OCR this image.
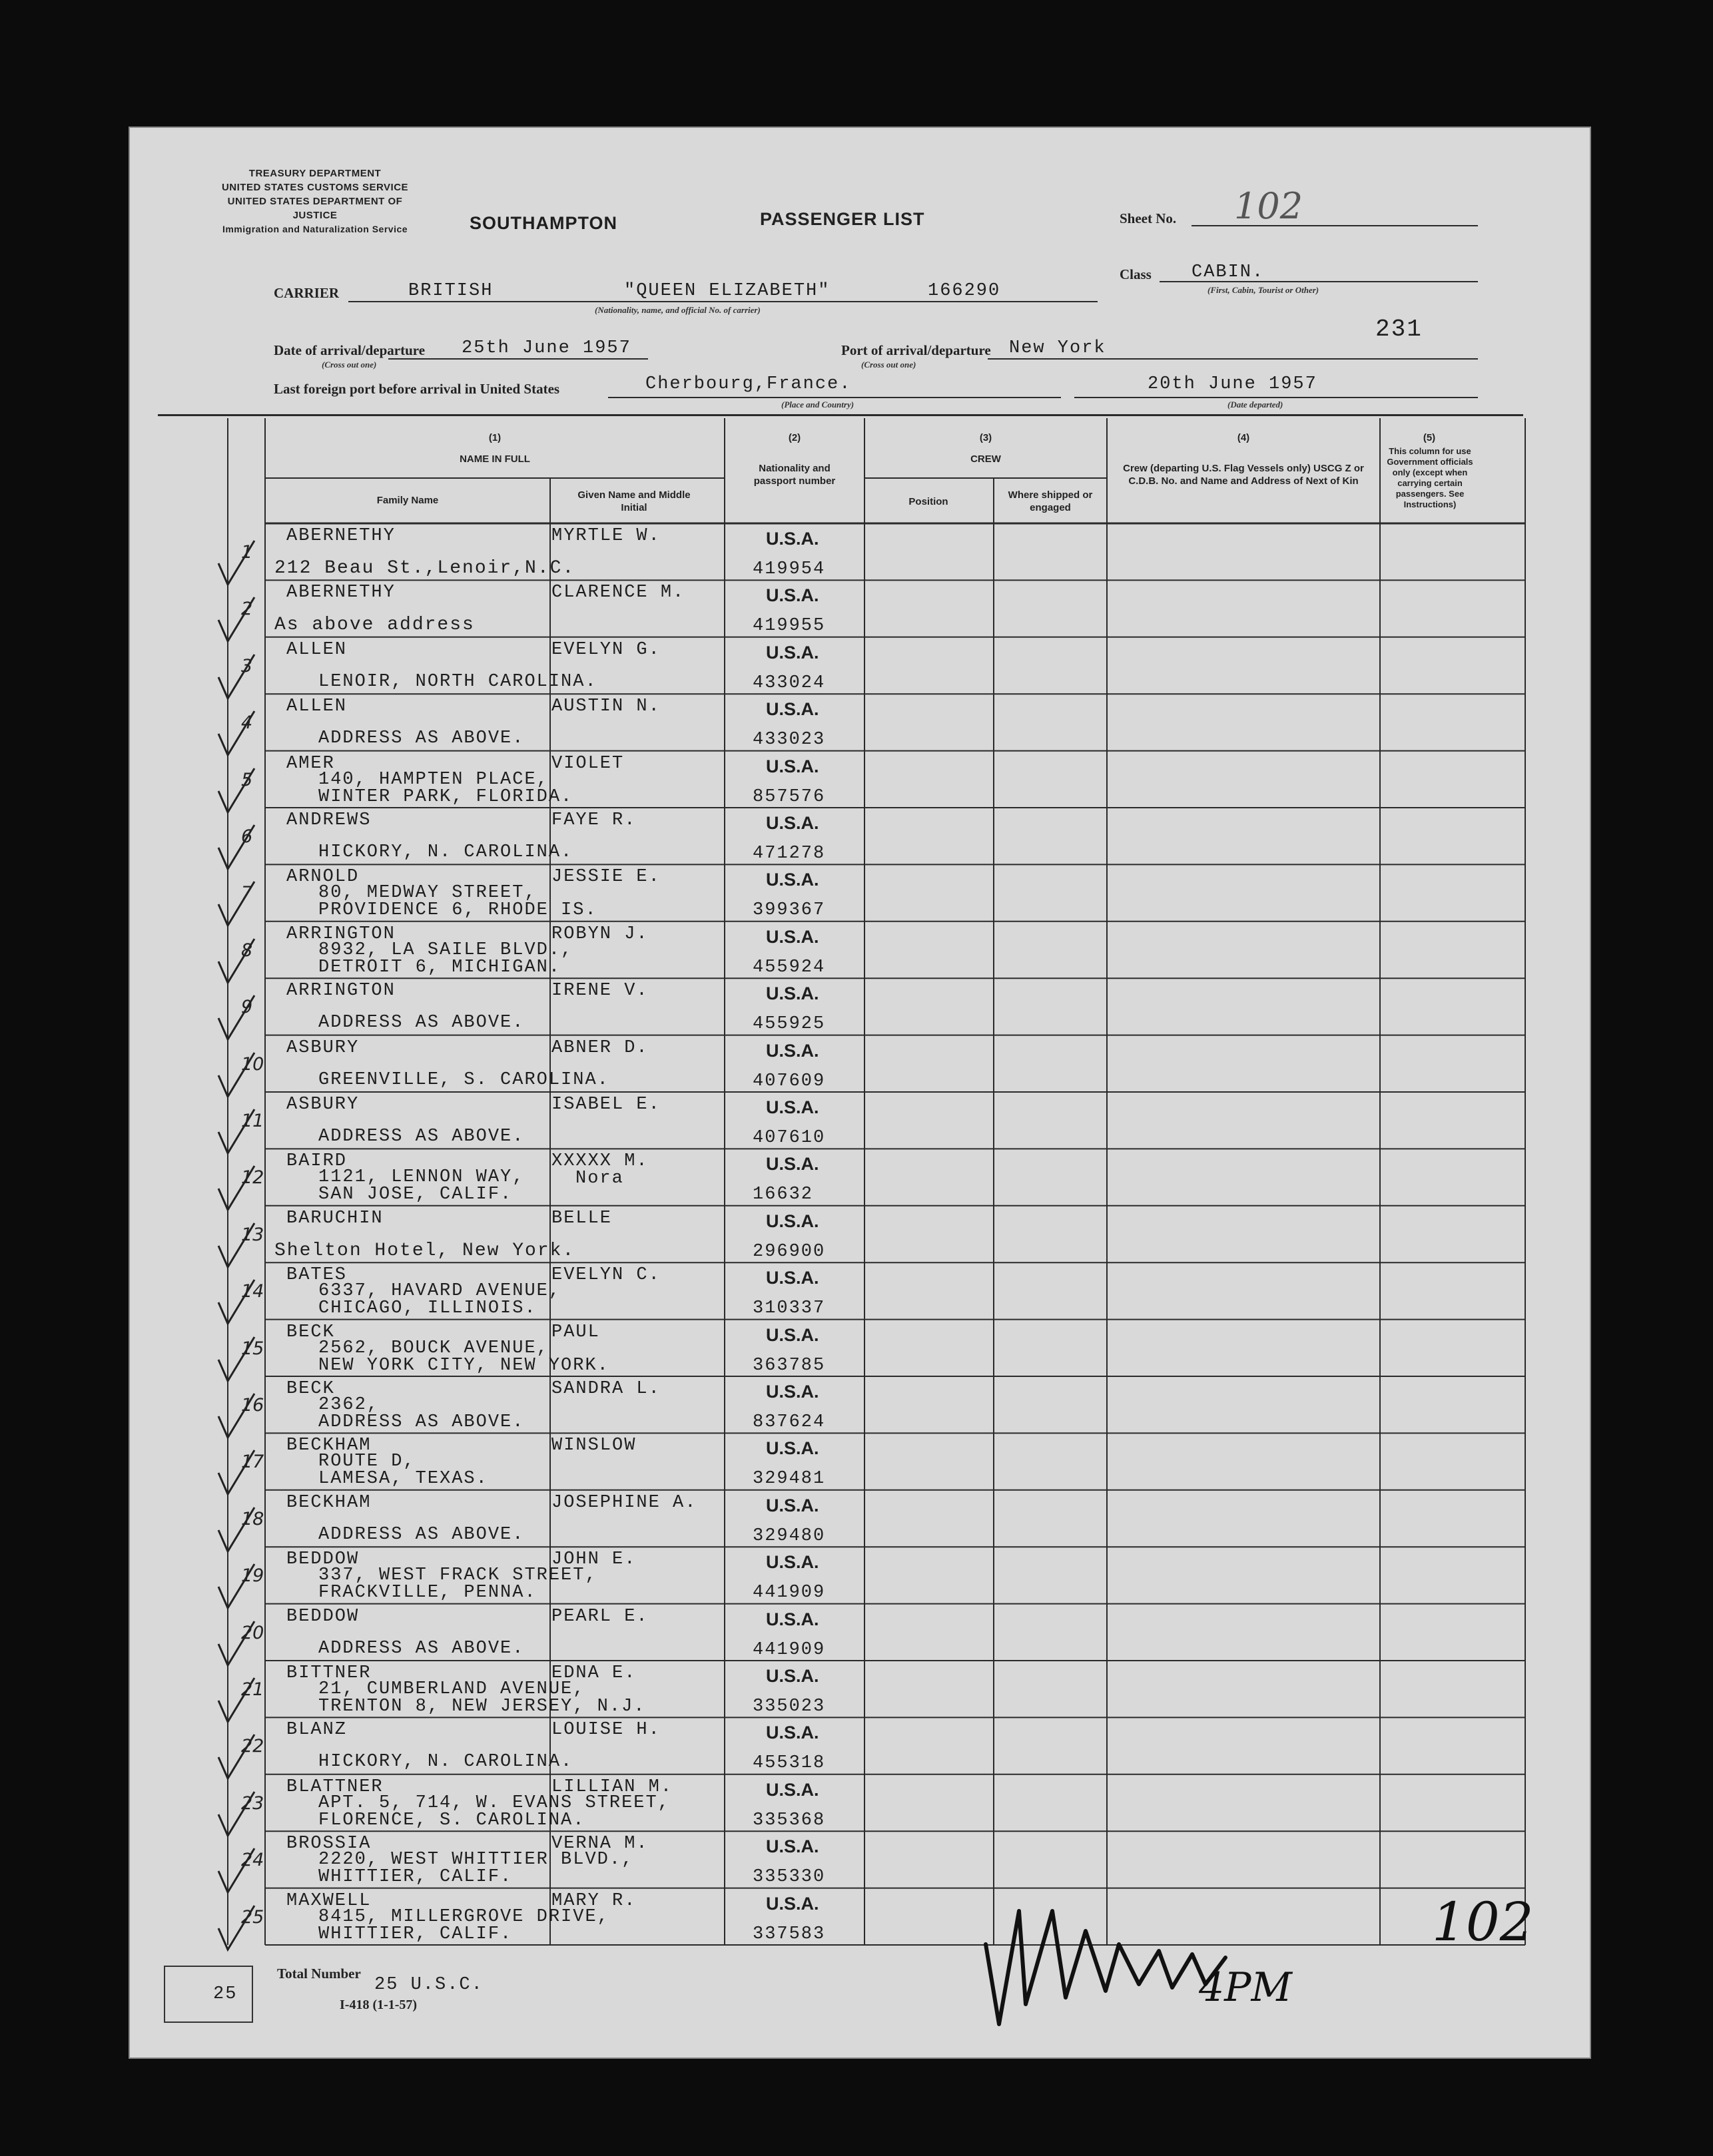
TREASURY DEPARTMENT
UNITED STATES CUSTOMS SERVICE
UNITED STATES DEPARTMENT OF JUSTICE
Immigration and Naturalization Service	SOUTHAMPTON	PASSENGER LIST	Sheet No. 102
Class CABIN.
(First, Cabin, Tourist or Other)
231
CARRIER	BRITISH	"QUEEN ELIZABETH"	166290
(Nationality, name, and official No. of carrier)
Date of arrival/departure
(Cross out one)
25th June 1957	Port of arrival/departure
(Cross out one)
New York
Last foreign port before arrival in United States	Cherbourg,France.
(Place and Country)
20th June 1957
(Date departed)
(1)
NAME IN FULL
Family Name	Given Name and Middle Initial
(2)
Nationality and passport number
(3)
CREW
Position
Where shipped or engaged
(4)
Crew (departing U.S. Flag Vessels only) USCG Z or C.D.B. No. and Name and Address of Next of Kin
(5)
This column for use Government officials only (except when carrying certain passengers. See Instructions)
1
ABERNETHY	MYRTLE W.
212 Beau St.,Lenoir,N.C.
U.S.A.
419954
2
ABERNETHY	CLARENCE M.
As above address
U.S.A.
419955
3
ALLEN	EVELYN G.
LENOIR, NORTH CAROLINA.
U.S.A.
433024
4
ALLEN	AUSTIN N.
ADDRESS AS ABOVE.
U.S.A.
433023
5
AMER	VIOLET
140, HAMPTEN PLACE,
WINTER PARK, FLORIDA.
U.S.A.
857576
6
ANDREWS	FAYE R.
HICKORY, N. CAROLINA.
U.S.A.
471278
7
ARNOLD	JESSIE E.
80, MEDWAY STREET,
PROVIDENCE 6, RHODE IS.
U.S.A.
399367
8
ARRINGTON	ROBYN J.
8932, LA SAILE BLVD.,
DETROIT 6, MICHIGAN.
U.S.A.
455924
9
ARRINGTON	IRENE V.
ADDRESS AS ABOVE.
U.S.A.
455925
10
ASBURY	ABNER D.
GREENVILLE, S. CAROLINA.
U.S.A.
407609
11
ASBURY	ISABEL E.
ADDRESS AS ABOVE.
U.S.A.
407610
12
BAIRD	XXXXX M.
Nora
1121, LENNON WAY,
SAN JOSE, CALIF.
U.S.A.
16632
13
BARUCHIN	BELLE
Shelton Hotel, New York.
U.S.A.
296900
14
BATES	EVELYN C.
6337, HAVARD AVENUE,
CHICAGO, ILLINOIS.
U.S.A.
310337
15
BECK	PAUL
2562, BOUCK AVENUE,
NEW YORK CITY, NEW YORK.
U.S.A.
363785
16
BECK	SANDRA L.
2362,
ADDRESS AS ABOVE.
U.S.A.
837624
17
BECKHAM	WINSLOW
ROUTE D,
LAMESA, TEXAS.
U.S.A.
329481
18
BECKHAM	JOSEPHINE A.
ADDRESS AS ABOVE.
U.S.A.
329480
19
BEDDOW	JOHN E.
337, WEST FRACK STREET,
FRACKVILLE, PENNA.
U.S.A.
441909
20
BEDDOW	PEARL E.
ADDRESS AS ABOVE.
U.S.A.
441909
21
BITTNER	EDNA E.
21, CUMBERLAND AVENUE,
TRENTON 8, NEW JERSEY, N.J.
U.S.A.
335023
22
BLANZ	LOUISE H.
HICKORY, N. CAROLINA.
U.S.A.
455318
23
BLATTNER	LILLIAN M.
APT. 5, 714, W. EVANS STREET,
FLORENCE, S. CAROLINA.
U.S.A.
335368
24
BROSSIA	VERNA M.
2220, WEST WHITTIER BLVD.,
WHITTIER, CALIF.
U.S.A.
335330
25
MAXWELL	MARY R.
8415, MILLERGROVE DRIVE,
WHITTIER, CALIF.
U.S.A.
337583
25
Total Number
25 U.S.C.
I-418 (1-1-57)	4PM
102
